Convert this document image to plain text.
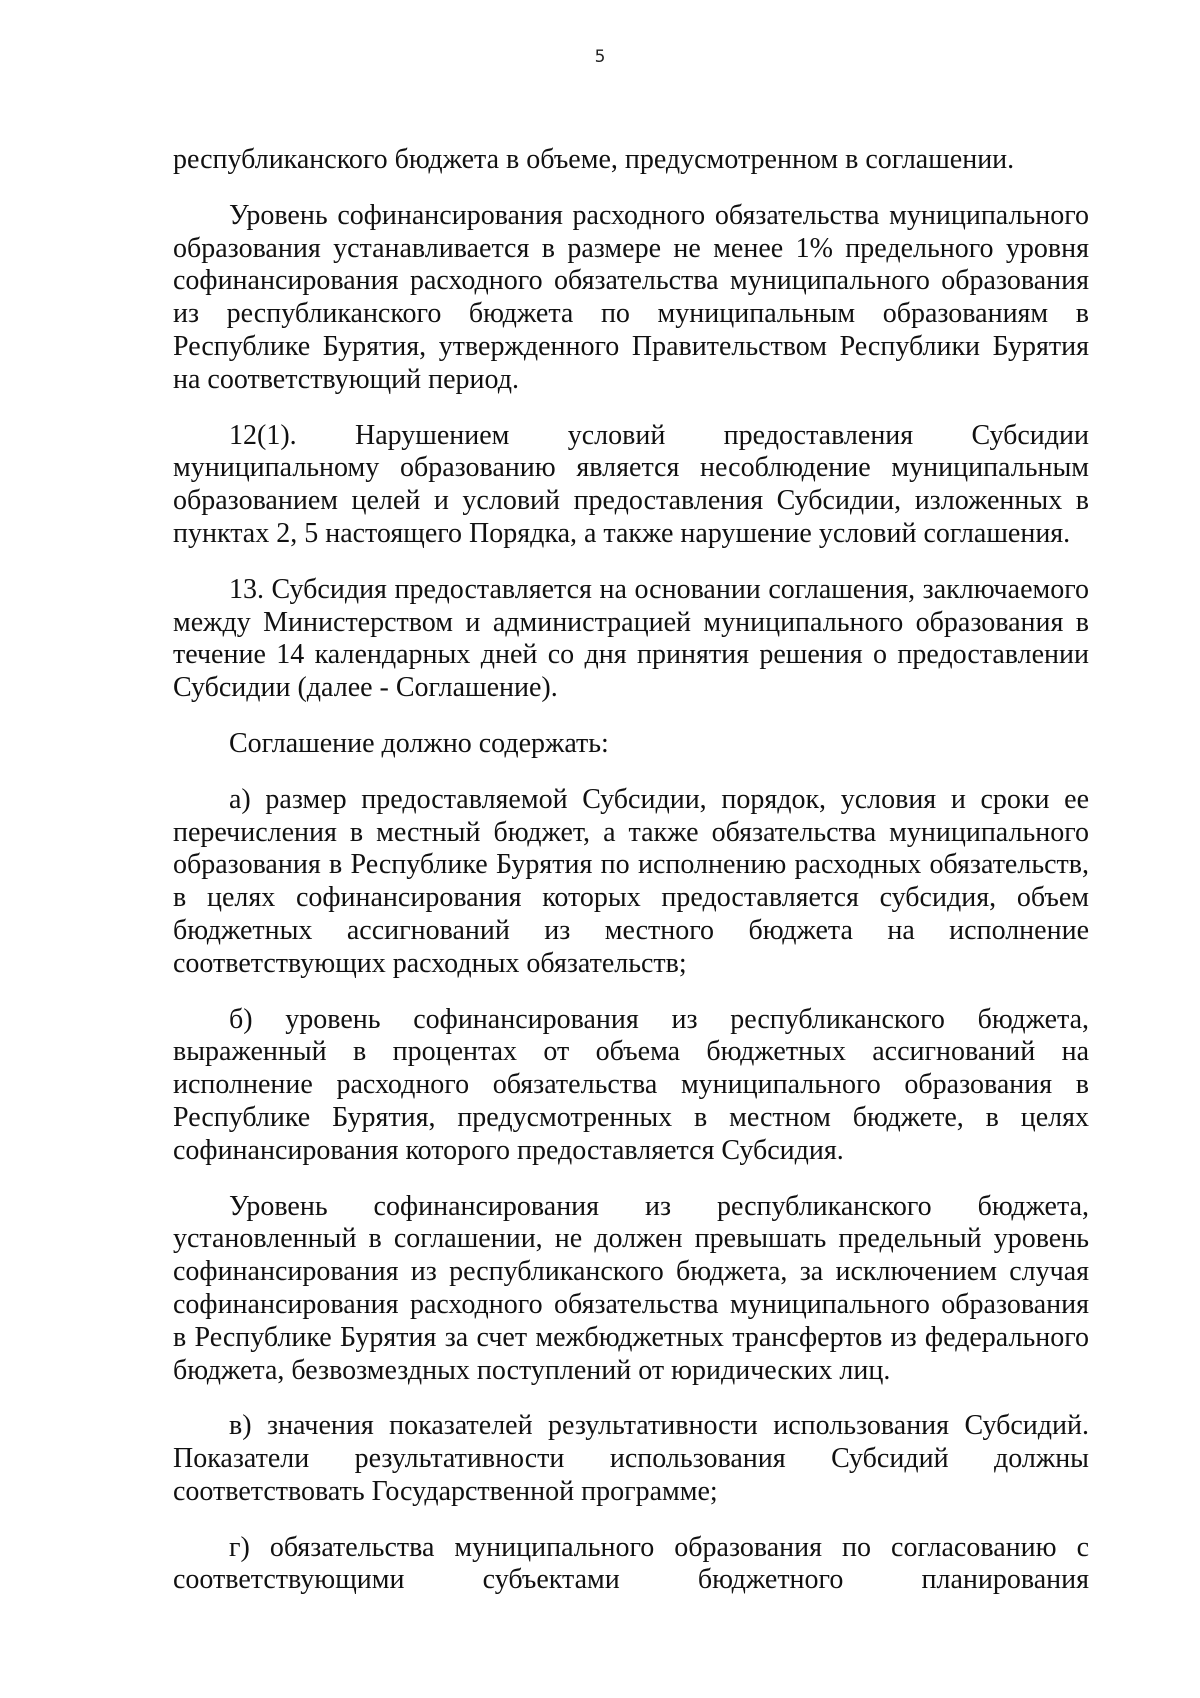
5

республиканского бюджета в объеме, предусмотренном в соглашении.

Уровень софинансирования расходного обязательства муниципального образования устанавливается в размере не менее 1% предельного уровня софинансирования расходного обязательства муниципального образования из республиканского бюджета по муниципальным образованиям в Республике Бурятия, утвержденного Правительством Республики Бурятия на соответствующий период.

12(1). Нарушением условий предоставления Субсидии муниципальному образованию является несоблюдение муниципальным образованием целей и условий предоставления Субсидии, изложенных в пунктах 2, 5 настоящего Порядка, а также нарушение условий соглашения.

13. Субсидия предоставляется на основании соглашения, заключаемого между Министерством и администрацией муниципального образования в течение 14 календарных дней со дня принятия решения о предоставлении Субсидии (далее - Соглашение).

Соглашение должно содержать:

а) размер предоставляемой Субсидии, порядок, условия и сроки ее перечисления в местный бюджет, а также обязательства муниципального образования в Республике Бурятия по исполнению расходных обязательств, в целях софинансирования которых предоставляется субсидия, объем бюджетных ассигнований из местного бюджета на исполнение соответствующих расходных обязательств;

б) уровень софинансирования из республиканского бюджета, выраженный в процентах от объема бюджетных ассигнований на исполнение расходного обязательства муниципального образования в Республике Бурятия, предусмотренных в местном бюджете, в целях софинансирования которого предоставляется Субсидия.

Уровень софинансирования из республиканского бюджета, установленный в соглашении, не должен превышать предельный уровень софинансирования из республиканского бюджета, за исключением случая софинансирования расходного обязательства муниципального образования в Республике Бурятия за счет межбюджетных трансфертов из федерального бюджета, безвозмездных поступлений от юридических лиц.

в) значения показателей результативности использования Субсидий. Показатели результативности использования Субсидий должны соответствовать Государственной программе;

г) обязательства муниципального образования по согласованию с соответствующими субъектами бюджетного планирования
